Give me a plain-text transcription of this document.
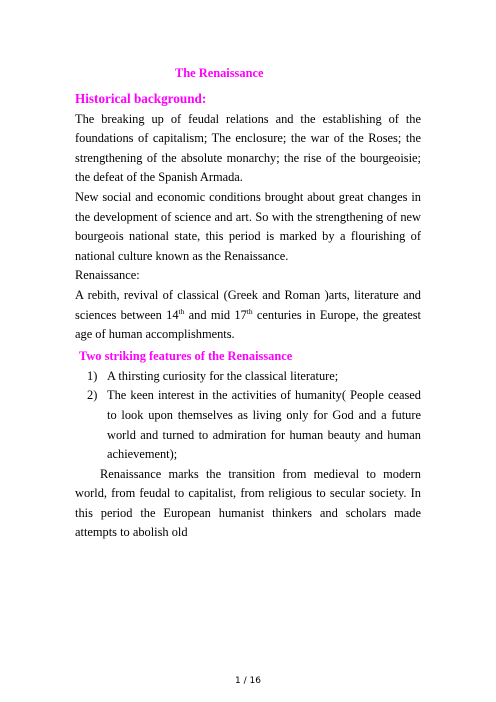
The Renaissance
Historical background:

The breaking up of feudal relations and the establishing of the foundations of capitalism; The enclosure; the war of the Roses; the strengthening of the absolute monarchy; the rise of the bourgeoisie; the defeat of the Spanish Armada.

New social and economic conditions brought about great changes in the development of science and art. So with the strengthening of new bourgeois national state, this period is marked by a flourishing of national culture known as the Renaissance.

Renaissance:

A rebith, revival of classical (Greek and Roman )arts, literature and sciences between 14th and mid 17th centuries in Europe, the greatest age of human accomplishments.

Two striking features of the Renaissance
1) A thirsting curiosity for the classical literature;
2) The keen interest in the activities of humanity( People ceased to look upon themselves as living only for God and a future world and turned to admiration for human beauty and human achievement);

Renaissance marks the transition from medieval to modern world, from feudal to capitalist, from religious to secular society. In this period the European humanist thinkers and scholars made attempts to abolish old

1 / 16
